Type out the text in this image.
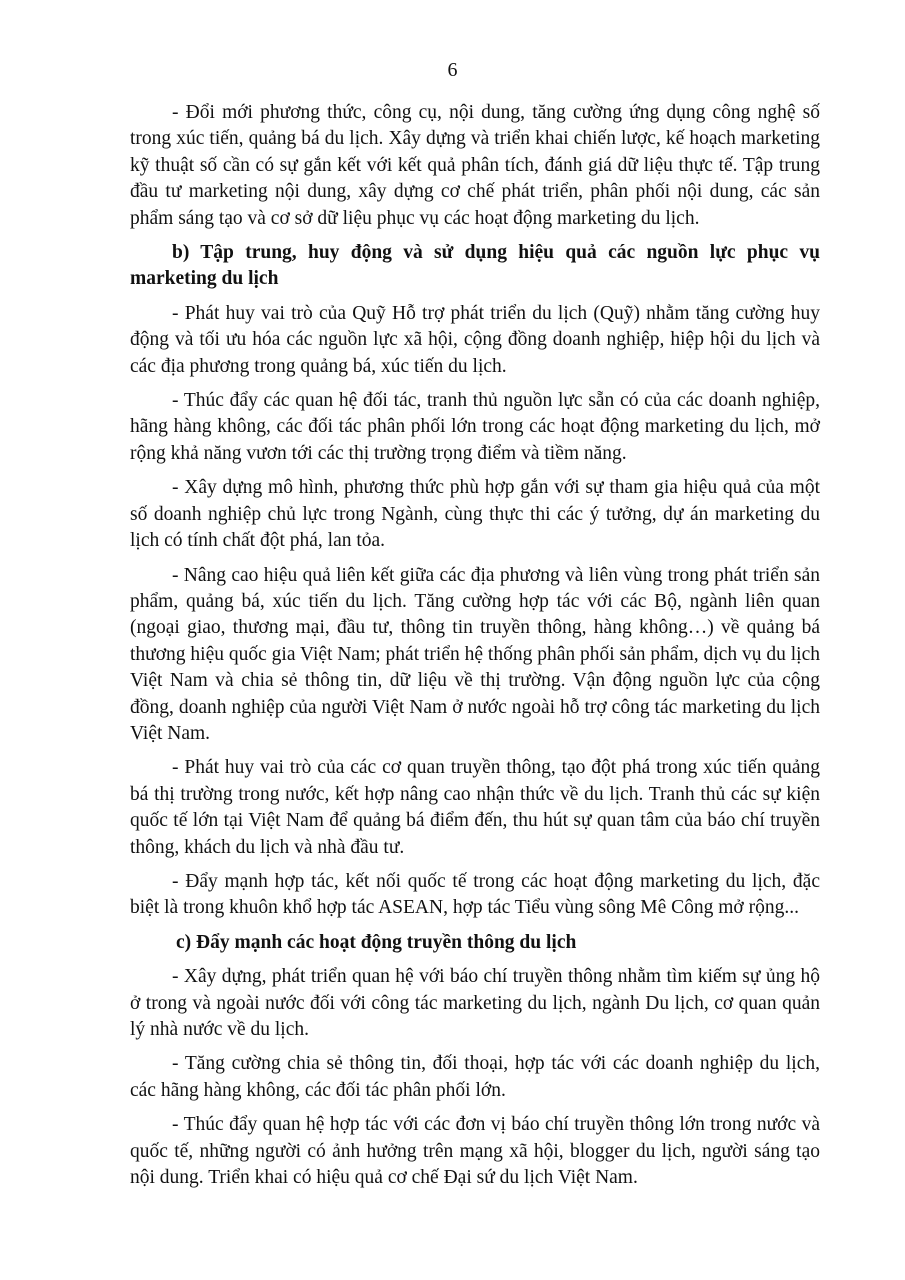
6

- Đổi mới phương thức, công cụ, nội dung, tăng cường ứng dụng công nghệ số trong xúc tiến, quảng bá du lịch. Xây dựng và triển khai chiến lược, kế hoạch marketing kỹ thuật số cần có sự gắn kết với kết quả phân tích, đánh giá dữ liệu thực tế. Tập trung đầu tư marketing nội dung, xây dựng cơ chế phát triển, phân phối nội dung, các sản phẩm sáng tạo và cơ sở dữ liệu phục vụ các hoạt động marketing du lịch.

b) Tập trung, huy động và sử dụng hiệu quả các nguồn lực phục vụ marketing du lịch

- Phát huy vai trò của Quỹ Hỗ trợ phát triển du lịch (Quỹ) nhằm tăng cường huy động và tối ưu hóa các nguồn lực xã hội, cộng đồng doanh nghiệp, hiệp hội du lịch và các địa phương trong quảng bá, xúc tiến du lịch.

- Thúc đẩy các quan hệ đối tác, tranh thủ nguồn lực sẵn có của các doanh nghiệp, hãng hàng không, các đối tác phân phối lớn trong các hoạt động marketing du lịch, mở rộng khả năng vươn tới các thị trường trọng điểm và tiềm năng.

- Xây dựng mô hình, phương thức phù hợp gắn với sự tham gia hiệu quả của một số doanh nghiệp chủ lực trong Ngành, cùng thực thi các ý tưởng, dự án marketing du lịch có tính chất đột phá, lan tỏa.

- Nâng cao hiệu quả liên kết giữa các địa phương và liên vùng trong phát triển sản phẩm, quảng bá, xúc tiến du lịch. Tăng cường hợp tác với các Bộ, ngành liên quan (ngoại giao, thương mại, đầu tư, thông tin truyền thông, hàng không…) về quảng bá thương hiệu quốc gia Việt Nam; phát triển hệ thống phân phối sản phẩm, dịch vụ du lịch Việt Nam và chia sẻ thông tin, dữ liệu về thị trường. Vận động nguồn lực của cộng đồng, doanh nghiệp của người Việt Nam ở nước ngoài hỗ trợ công tác marketing du lịch Việt Nam.

- Phát huy vai trò của các cơ quan truyền thông, tạo đột phá trong xúc tiến quảng bá thị trường trong nước, kết hợp nâng cao nhận thức về du lịch. Tranh thủ các sự kiện quốc tế lớn tại Việt Nam để quảng bá điểm đến, thu hút sự quan tâm của báo chí truyền thông, khách du lịch và nhà đầu tư.

- Đẩy mạnh hợp tác, kết nối quốc tế trong các hoạt động marketing du lịch, đặc biệt là trong khuôn khổ hợp tác ASEAN, hợp tác Tiểu vùng sông Mê Công mở rộng...

c) Đẩy mạnh các hoạt động truyền thông du lịch

- Xây dựng, phát triển quan hệ với báo chí truyền thông nhằm tìm kiếm sự ủng hộ ở trong và ngoài nước đối với công tác marketing du lịch, ngành Du lịch, cơ quan quản lý nhà nước về du lịch.

- Tăng cường chia sẻ thông tin, đối thoại, hợp tác với các doanh nghiệp du lịch, các hãng hàng không, các đối tác phân phối lớn.

- Thúc đẩy quan hệ hợp tác với các đơn vị báo chí truyền thông lớn trong nước và quốc tế, những người có ảnh hưởng trên mạng xã hội, blogger du lịch, người sáng tạo nội dung. Triển khai có hiệu quả cơ chế Đại sứ du lịch Việt Nam.
